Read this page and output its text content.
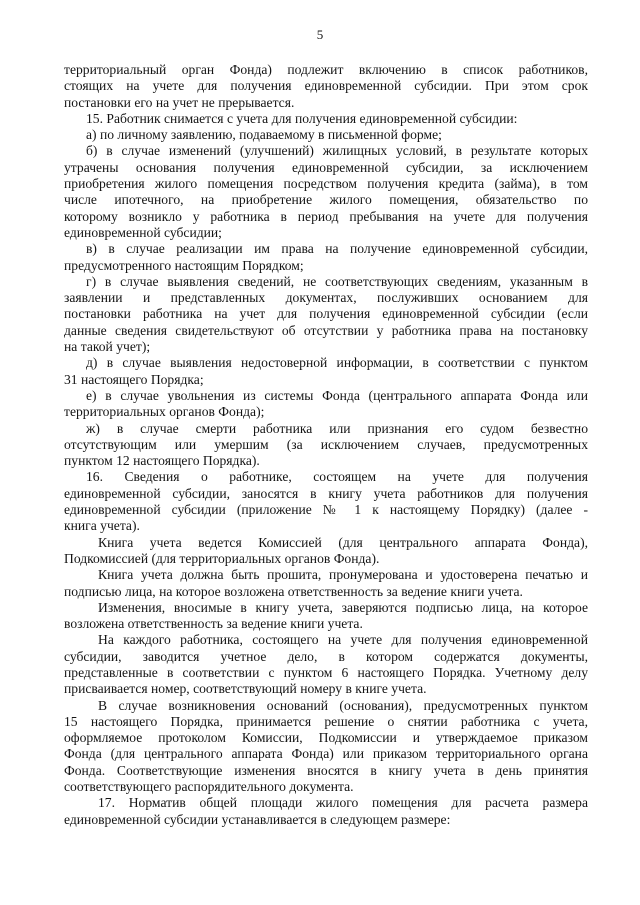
5
территориальный орган Фонда) подлежит включению в список работников,
стоящих на учете для получения единовременной субсидии. При этом срок
постановки его на учет не прерывается.
15. Работник снимается с учета для получения единовременной субсидии:
а) по личному заявлению, подаваемому в письменной форме;
б) в случае изменений (улучшений) жилищных условий, в результате которых
утрачены основания получения единовременной субсидии, за исключением
приобретения жилого помещения посредством получения кредита (займа), в том
числе ипотечного, на приобретение жилого помещения, обязательство по
которому возникло у работника в период пребывания на учете для получения
единовременной субсидии;
в) в случае реализации им права на получение единовременной субсидии,
предусмотренного настоящим Порядком;
г) в случае выявления сведений, не соответствующих сведениям, указанным в
заявлении и представленных документах, послуживших основанием для
постановки работника на учет для получения единовременной субсидии (если
данные сведения свидетельствуют об отсутствии у работника права на постановку
на такой учет);
д) в случае выявления недостоверной информации, в соответствии с пунктом
31 настоящего Порядка;
е) в случае увольнения из системы Фонда (центрального аппарата Фонда или
территориальных органов Фонда);
ж) в случае смерти работника или признания его судом безвестно
отсутствующим или умершим (за исключением случаев, предусмотренных
пунктом 12 настоящего Порядка).
16. Сведения о работнике, состоящем на учете для получения
единовременной субсидии, заносятся в книгу учета работников для получения
единовременной субсидии (приложение № 1 к настоящему Порядку) (далее -
книга учета).
Книга учета ведется Комиссией (для центрального аппарата Фонда),
Подкомиссией (для территориальных органов Фонда).
Книга учета должна быть прошита, пронумерована и удостоверена печатью и
подписью лица, на которое возложена ответственность за ведение книги учета.
Изменения, вносимые в книгу учета, заверяются подписью лица, на которое
возложена ответственность за ведение книги учета.
На каждого работника, состоящего на учете для получения единовременной
субсидии, заводится учетное дело, в котором содержатся документы,
представленные в соответствии с пунктом 6 настоящего Порядка. Учетному делу
присваивается номер, соответствующий номеру в книге учета.
В случае возникновения оснований (основания), предусмотренных пунктом
15 настоящего Порядка, принимается решение о снятии работника с учета,
оформляемое протоколом Комиссии, Подкомиссии и утверждаемое приказом
Фонда (для центрального аппарата Фонда) или приказом территориального органа
Фонда. Соответствующие изменения вносятся в книгу учета в день принятия
соответствующего распорядительного документа.
17. Норматив общей площади жилого помещения для расчета размера
единовременной субсидии устанавливается в следующем размере:
